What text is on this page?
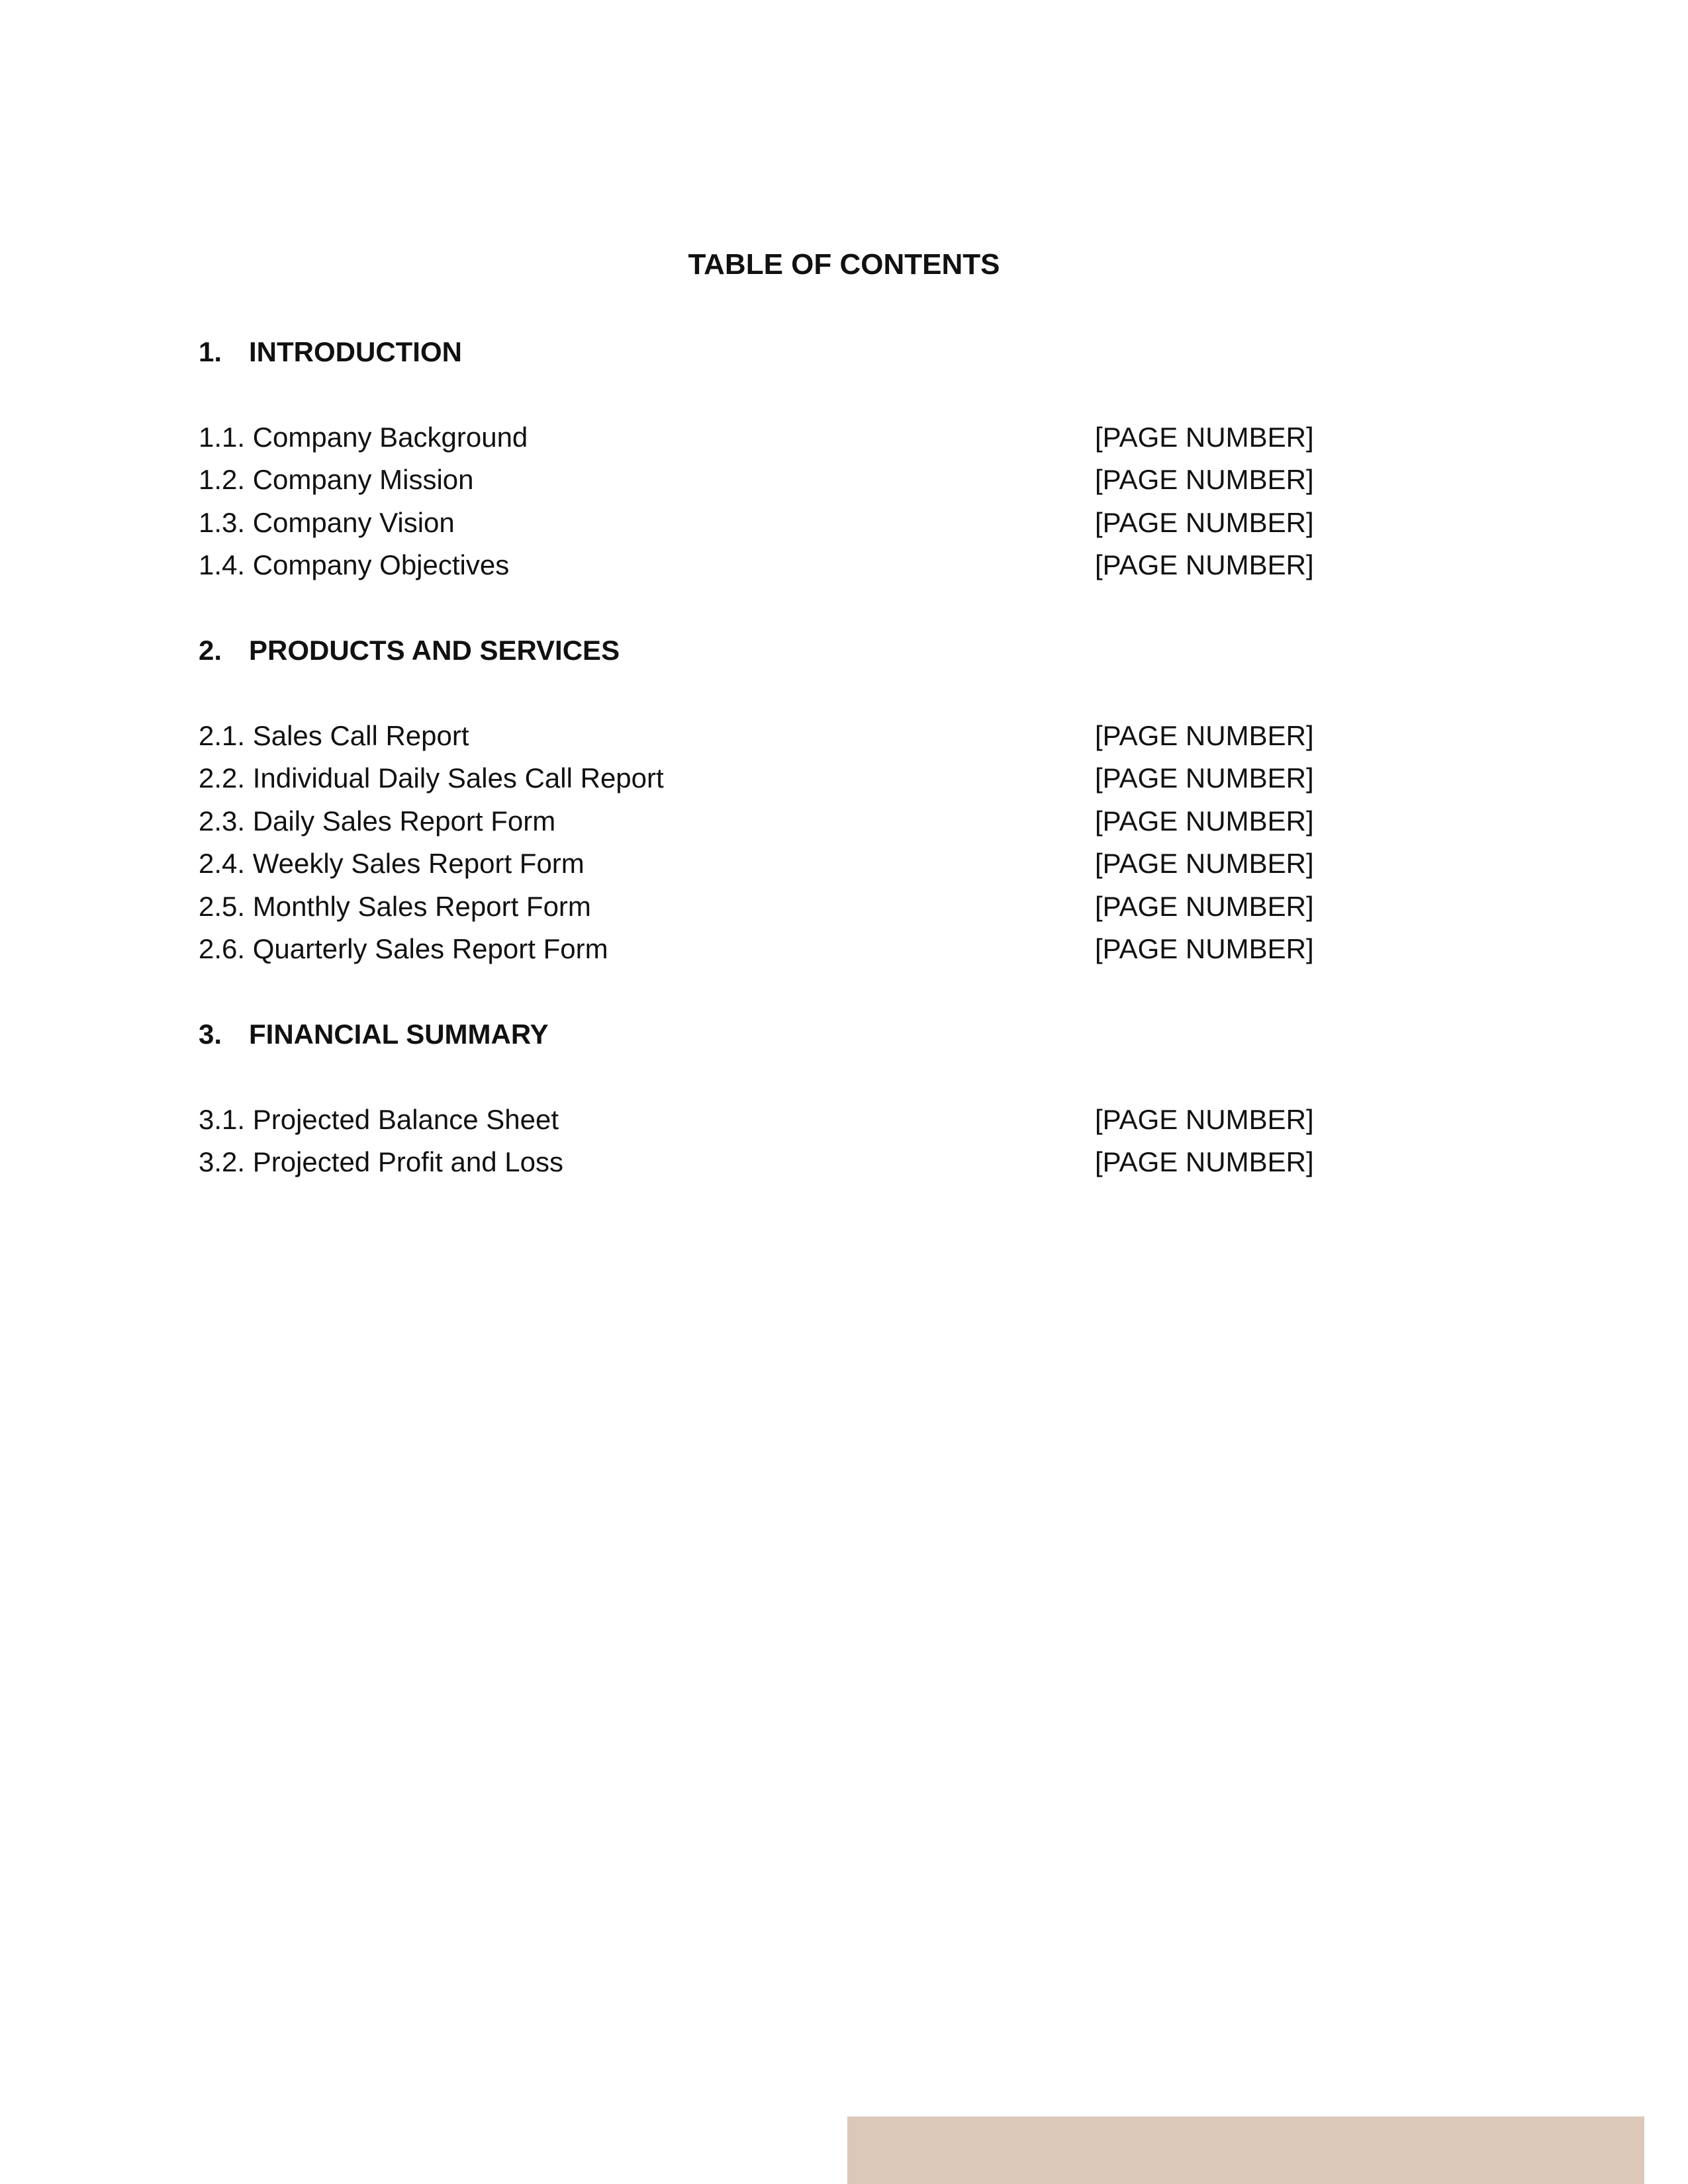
TABLE OF CONTENTS
1. INTRODUCTION
1.1. Company Background	[PAGE NUMBER]
1.2. Company Mission	[PAGE NUMBER]
1.3. Company Vision	[PAGE NUMBER]
1.4. Company Objectives	[PAGE NUMBER]
2. PRODUCTS AND SERVICES
2.1. Sales Call Report	[PAGE NUMBER]
2.2. Individual Daily Sales Call Report	[PAGE NUMBER]
2.3. Daily Sales Report Form	[PAGE NUMBER]
2.4. Weekly Sales Report Form	[PAGE NUMBER]
2.5. Monthly Sales Report Form	[PAGE NUMBER]
2.6. Quarterly Sales Report Form	[PAGE NUMBER]
3. FINANCIAL SUMMARY
3.1. Projected Balance Sheet	[PAGE NUMBER]
3.2. Projected Profit and Loss	[PAGE NUMBER]
